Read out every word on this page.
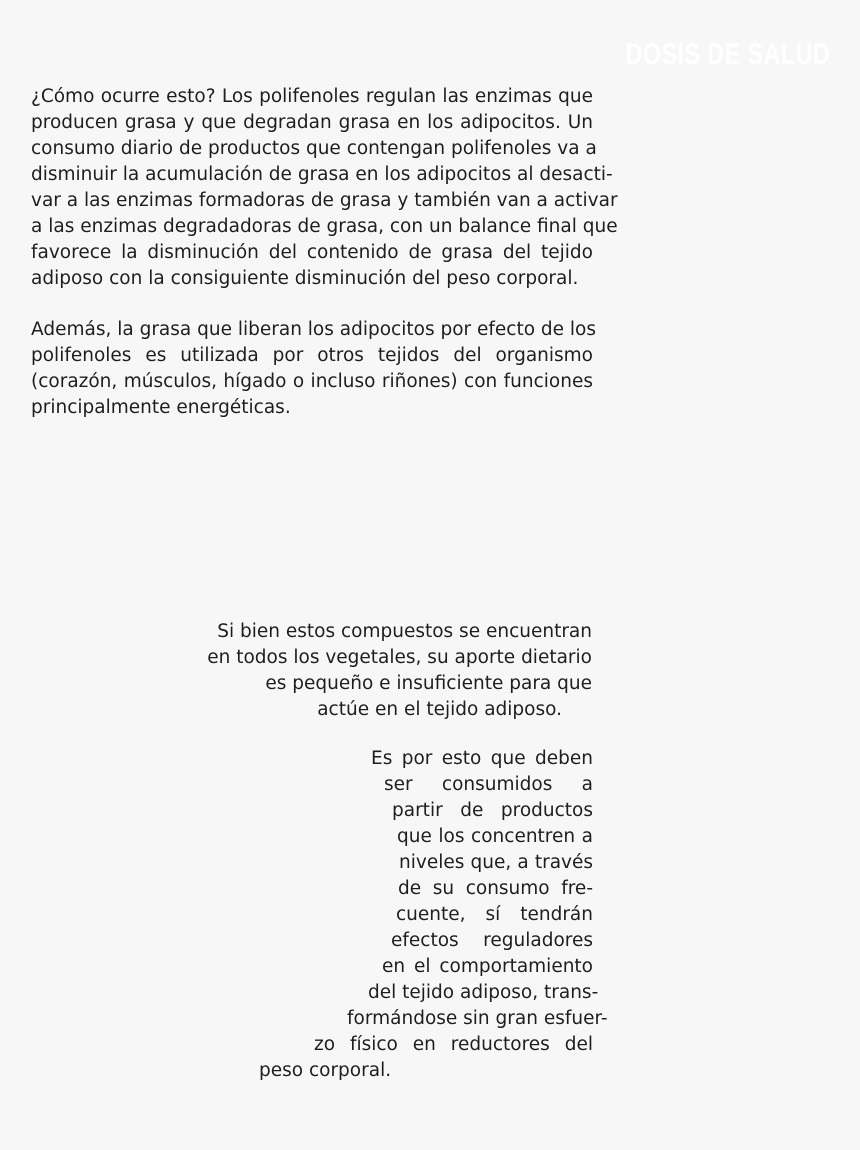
DOSIS DE SALUD
¿Cómo ocurre esto? Los polifenoles regulan las enzimas que
producen grasa y que degradan grasa en los adipocitos. Un
consumo diario de productos que contengan polifenoles va a
disminuir la acumulación de grasa en los adipocitos al desacti-
var a las enzimas formadoras de grasa y también van a activar
a las enzimas degradadoras de grasa, con un balance final que
favorece la disminución del contenido de grasa del tejido
adiposo con la consiguiente disminución del peso corporal.
Además, la grasa que liberan los adipocitos por efecto de los
polifenoles es utilizada por otros tejidos del organismo
(corazón, músculos, hígado o incluso riñones) con funciones
principalmente energéticas.
Si bien estos compuestos se encuentran
en todos los vegetales, su aporte dietario
es pequeño e insuficiente para que
actúe en el tejido adiposo.
Es por esto que deben
ser consumidos a
partir de productos
que los concentren a
niveles que, a través
de su consumo fre-
cuente, sí tendrán
efectos reguladores
en el comportamiento
del tejido adiposo, trans-
formándose sin gran esfuer-
zo físico en reductores del
peso corporal.
